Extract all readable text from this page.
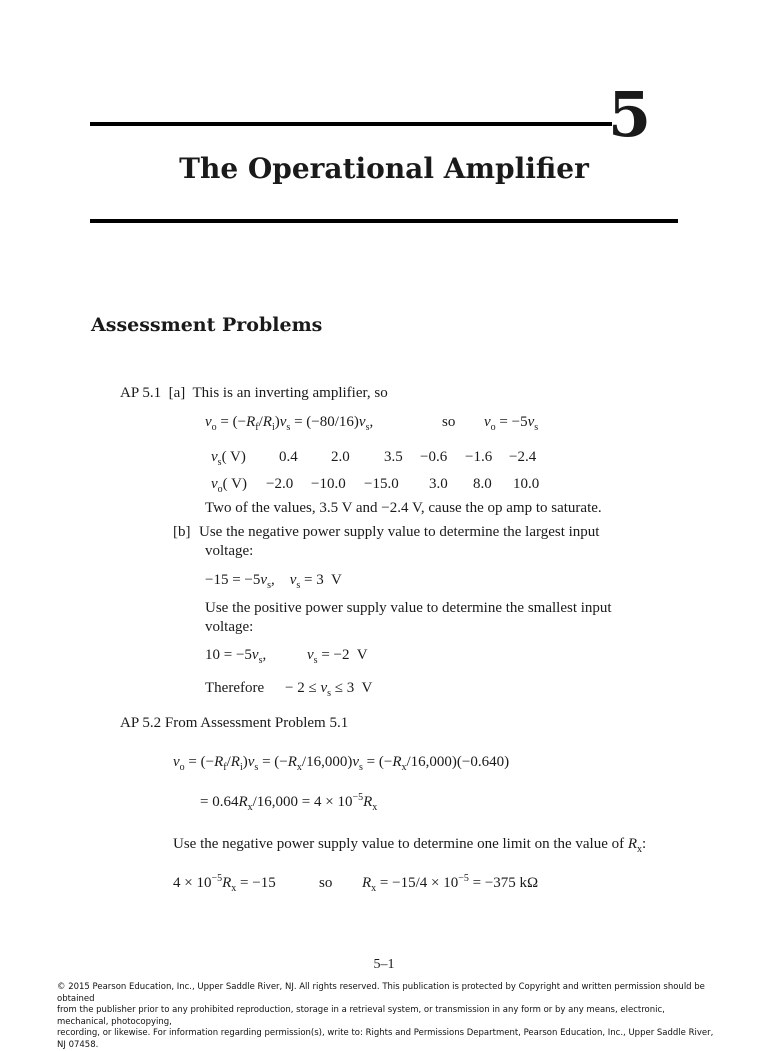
5
The Operational Amplifier
Assessment Problems
AP 5.1 [a] This is an inverting amplifier, so
$v_o = (-R_f/R_i)v_s = (-80/16)v_s$,	so $v_o = -5v_s$
$v_s$( V) 0.4 2.0 3.5 −0.6 −1.6 −2.4
$v_o$( V) −2.0 −10.0 −15.0 3.0 8.0 10.0
Two of the values, 3.5 V and −2.4 V, cause the op amp to saturate.
[b] Use the negative power supply value to determine the largest input
voltage:
$-15 = -5v_s$,    $v_s = 3$  V
Use the positive power supply value to determine the smallest input
voltage:
$10 = -5v_s$,	$v_s = -2$  V
Therefore − $2 \le v_s \le 3$  V
AP 5.2 From Assessment Problem 5.1
$v_o = (-R_f/R_i)v_s = (-R_x/16,000)v_s = (-R_x/16,000)(-0.640)$
= $0.64R_x/16,000 = 4 \times 10^{-5}R_x$
Use the negative power supply value to determine one limit on the value of $R_x$:
$4 \times 10^{-5}R_x = -15$	so $R_x = -15/4 \times 10^{-5} = -375$ kΩ
5–1
© 2015 Pearson Education, Inc., Upper Saddle River, NJ. All rights reserved. This publication is protected by Copyright and written permission should be obtained
from the publisher prior to any prohibited reproduction, storage in a retrieval system, or transmission in any form or by any means, electronic, mechanical, photocopying,
recording, or likewise. For information regarding permission(s), write to: Rights and Permissions Department, Pearson Education, Inc., Upper Saddle River, NJ 07458.
